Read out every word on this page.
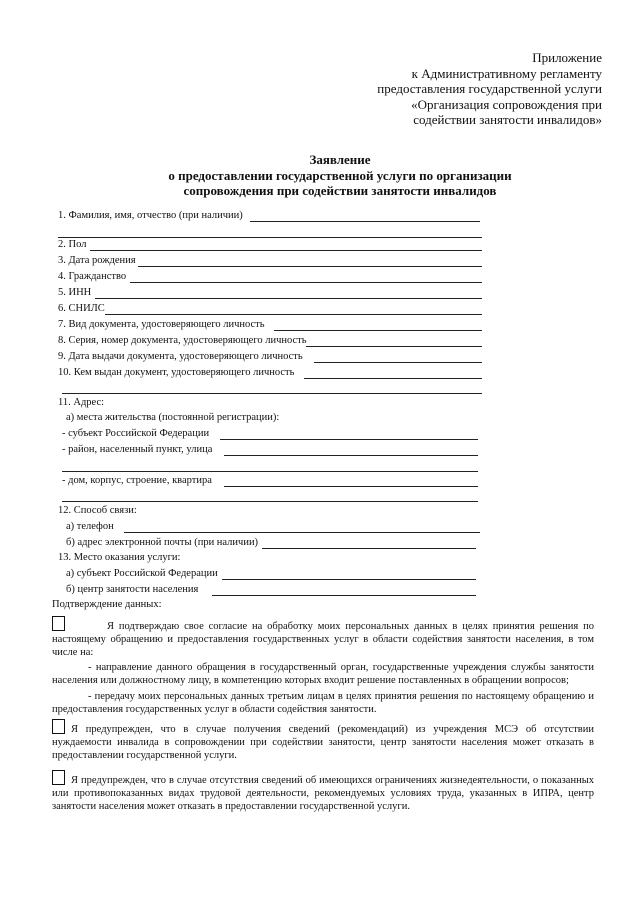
Приложение
к Административному регламенту
предоставления государственной услуги
«Организация сопровождения при
содействии занятости инвалидов»
Заявление
о предоставлении государственной услуги по организации
сопровождения при содействии занятости инвалидов
1. Фамилия, имя, отчество (при наличии)
2. Пол
3. Дата рождения
4. Гражданство
5. ИНН
6. СНИЛС
7. Вид документа, удостоверяющего личность
8. Серия, номер документа, удостоверяющего личность
9. Дата выдачи документа, удостоверяющего личность
10. Кем выдан документ, удостоверяющего личность
11. Адрес:
а) места жительства (постоянной регистрации):
- субъект Российской Федерации
- район, населенный пункт, улица
- дом, корпус, строение, квартира
12. Способ связи:
а) телефон
б) адрес электронной почты (при наличии)
13. Место оказания услуги:
а) субъект Российской Федерации
б) центр занятости населения
Подтверждение данных:
Я подтверждаю свое согласие на обработку моих персональных данных в целях принятия решения по настоящему обращению и предоставления государственных услуг в области содействия занятости населения, в том числе на:
- направление данного обращения в государственный орган, государственные учреждения службы занятости населения или должностному лицу, в компетенцию которых входит решение поставленных в обращении вопросов;
- передачу моих персональных данных третьим лицам в целях принятия решения по настоящему обращению и предоставления государственных услуг в области содействия занятости.
Я предупрежден, что в случае получения сведений (рекомендаций) из учреждения МСЭ об отсутствии нуждаемости инвалида в сопровождении при содействии занятости, центр занятости населения может отказать в предоставлении государственной услуги.
Я предупрежден, что в случае отсутствия сведений об имеющихся ограничениях жизнедеятельности, о показанных или противопоказанных видах трудовой деятельности, рекомендуемых условиях труда, указанных в ИПРА, центр занятости населения может отказать в предоставлении государственной услуги.
